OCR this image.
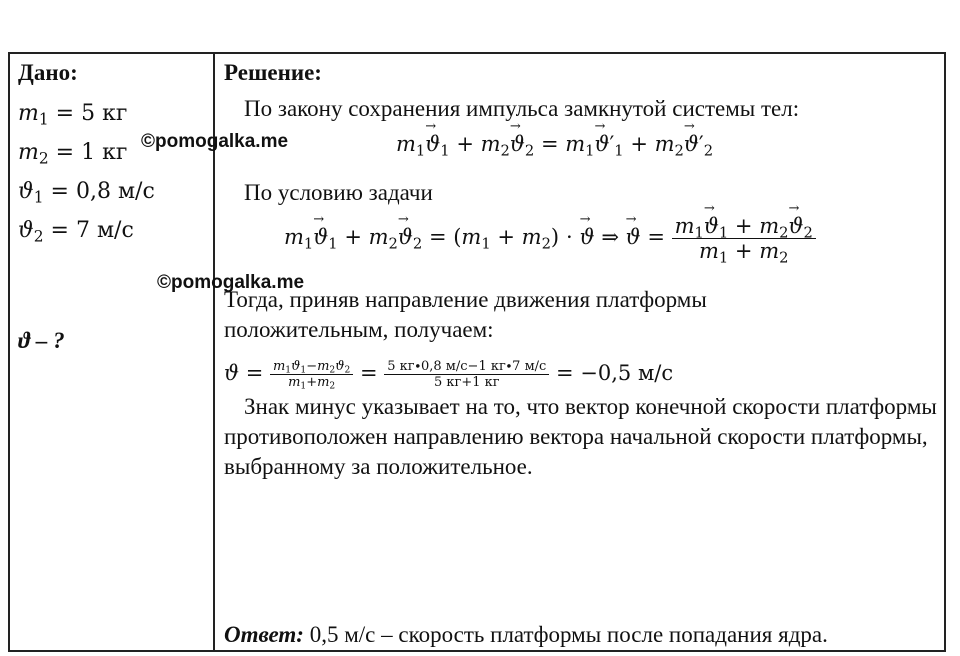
Дано:
$m_1 = 5$ кг
$m_2 = 1$ кг
$ϑ_1 = 0,8$ м/с
$ϑ_2 = 7$ м/с
ϑ – ?
Решение:
По закону сохранения импульса замкнутой системы тел:
$m_1\to ϑ_1 + m_2\to ϑ_2 = m_1\to ϑ'_1 + m_2\to ϑ'_2$
По условию задачи
$m_1\to ϑ_1 + m_2\to ϑ_2 = (m_1 + m_2)$ ⋅ → ϑ ⇒ → $ϑ = \frac{m_1\to ϑ_1 + m_2\to ϑ_2}{m_1 + m_2}$
Тогда, приняв направление движения платформы положительным, получаем:
$ϑ = \frac{m_1ϑ_1-m_2ϑ_2}{m_1+m_2} = \frac{5 кг\cdot 0,8 м/с-1 кг\cdot 7 м/с}{5 кг+1 кг} = -0,5$ м/с
Знак минус указывает на то, что вектор конечной скорости платформы противоположен направлению вектора начальной скорости платформы, выбранному за положительное.
Ответ: 0,5 м/с – скорость платформы после попадания ядра.
©pomogalka.me
©pomogalka.me
